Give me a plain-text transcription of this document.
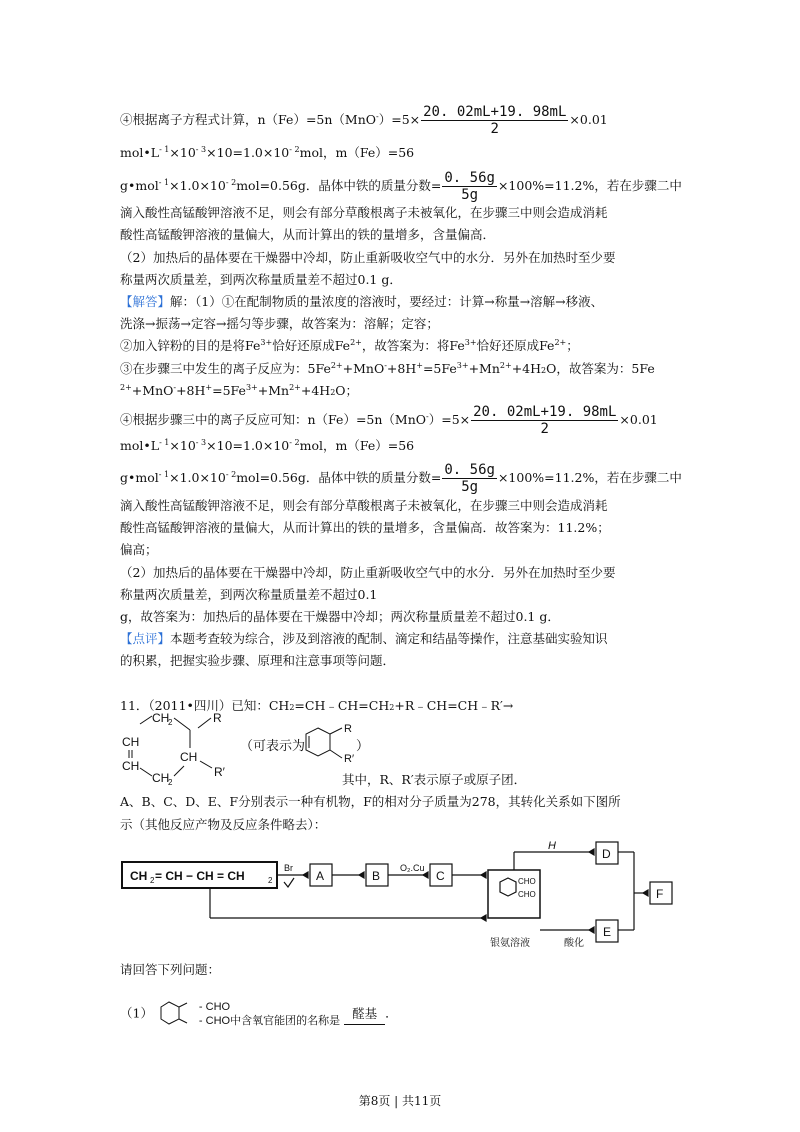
④根据离子方程式计算，$n(Fe)=5n(MnO^-)=5\times \frac{20. 02mL+19. 98mL}{2} \times 0.01$
$mol•L^{- 1}\times 10^{- 3}\times 10=1.0\times 10^{- 2}mol$，m（Fe）=56
$g•mol^{- 1}\times 1.0\times 10^{- 2}mol=0.56g$．晶体中铁的质量分数= $\frac{0. 56g}{5g} \times 100\%=11.2\%$，若在步骤二中
滴入酸性高锰酸钾溶液不足，则会有部分草酸根离子未被氧化，在步骤三中则会造成消耗
酸性高锰酸钾溶液的量偏大，从而计算出的铁的量增多，含量偏高．
（2）加热后的晶体要在干燥器中冷却，防止重新吸收空气中的水分．另外在加热时至少要
称量两次质量差，到两次称量质量差不超过0.1 g．
【解答】解：（1）①在配制物质的量浓度的溶液时，要经过：计算→称量→溶解→移液、
洗涤→振荡→定容→摇匀等步骤，故答案为：溶解；定容；
②加入锌粉的目的是将$Fe^{3+}$恰好还原成$Fe^{2+}$，故答案为：将$Fe^{3+}$恰好还原成$Fe^{2+}$；
③在步骤三中发生的离子反应为：$5Fe^{2+}+MnO^-+8H^+=5Fe^{3+}+Mn^{2+}+4H2O$，故答案为：5Fe
$^{2+}+MnO^-+8H^+=5Fe^{3+}+Mn^{2+}+4H2O$；
④根据步骤三中的离子反应可知：$n(Fe)=5n(MnO^-)=5\times \frac{20. 02mL+19. 98mL}{2} \times 0.01$
$mol•L^{- 1}\times 10^{- 3}\times 10=1.0\times 10^{- 2}mol$，m（Fe）=56
$g•mol^{- 1}\times 1.0\times 10^{- 2}mol=0.56g$．晶体中铁的质量分数= $\frac{0. 56g}{5g} \times 100\%=11.2\%$，若在步骤二中
滴入酸性高锰酸钾溶液不足，则会有部分草酸根离子未被氧化，在步骤三中则会造成消耗
酸性高锰酸钾溶液的量偏大，从而计算出的铁的量增多，含量偏高．故答案为：11.2%；
偏高；
（2）加热后的晶体要在干燥器中冷却，防止重新吸收空气中的水分．另外在加热时至少要
称量两次质量差，到两次称量质量差不超过0.1
g，故答案为：加热后的晶体要在干燥器中冷却；两次称量质量差不超过0.1 g．
【点评】本题考查较为综合，涉及到溶液的配制、滴定和结晶等操作，注意基础实验知识
的积累，把握实验步骤、原理和注意事项等问题．
11．（2011•四川）已知：CH2=CH﹣CH=CH2+R﹣CH=CH﹣R′→
CH
2	R
CH
CH
CH
CH
2
R′
（可表示为	）
R
R′
其中，R、R′表示原子或原子团．
A、B、C、D、E、F分别表示一种有机物，F的相对分子质量为278，其转化关系如下图所
示（其他反应产物及反应条件略去）：
CH 2 = CH − CH = CH	2
Br	O₂.Cu
A	B	C
D
E
F
CHO
CHO
H
银氨溶液	酸化
请回答下列问题：
（1）	- CHO
- CHO中含氧官能团的名称是
醛基 ．
第8页 | 共11页
